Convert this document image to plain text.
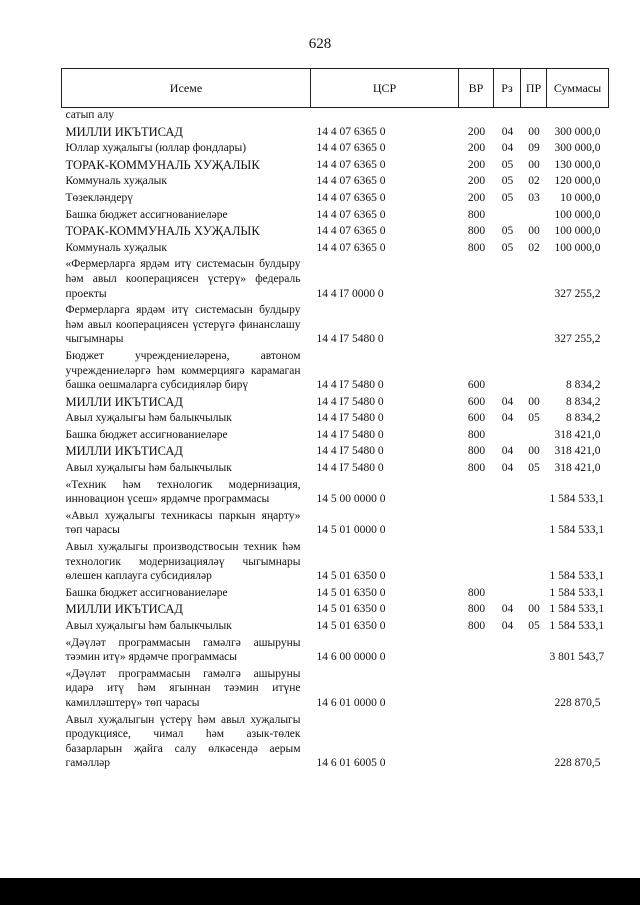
628
Исеме	ЦСР	ВР	Рз	ПР	Суммасы
сатып алу					
МИЛЛИ ИКЪТИСАД	14 4 07 6365 0	200	04	00	300 000,0
Юллар хуҗалыгы (юллар фондлары)	14 4 07 6365 0	200	04	09	300 000,0
ТОРАК-КОММУНАЛЬ ХУҖАЛЫК	14 4 07 6365 0	200	05	00	130 000,0
Коммуналь хуҗалык	14 4 07 6365 0	200	05	02	120 000,0
Төзекләндерү	14 4 07 6365 0	200	05	03	10 000,0
Башка бюджет ассигнованиеләре	14 4 07 6365 0	800			100 000,0
ТОРАК-КОММУНАЛЬ ХУҖАЛЫК	14 4 07 6365 0	800	05	00	100 000,0
Коммуналь хуҗалык	14 4 07 6365 0	800	05	02	100 000,0
«Фермерларга ярдәм итү системасын булдыру һәм авыл кооперациясен үстерү» федераль проекты	14 4 I7 0000 0				327 255,2
Фермерларга ярдәм итү системасын булдыру һәм авыл кооперациясен үстерүгә финанслашу чыгымнары	14 4 I7 5480 0				327 255,2
Бюджет учреждениеләренә, автоном учреждениеләргә һәм коммерциягә карамаган башка оешмаларга субсидияләр бирү	14 4 I7 5480 0	600			8 834,2
МИЛЛИ ИКЪТИСАД	14 4 I7 5480 0	600	04	00	8 834,2
Авыл хуҗалыгы һәм балыкчылык	14 4 I7 5480 0	600	04	05	8 834,2
Башка бюджет ассигнованиеләре	14 4 I7 5480 0	800			318 421,0
МИЛЛИ ИКЪТИСАД	14 4 I7 5480 0	800	04	00	318 421,0
Авыл хуҗалыгы һәм балыкчылык	14 4 I7 5480 0	800	04	05	318 421,0
«Техник һәм технологик модернизация, инновацион үсеш» ярдәмче программасы	14 5 00 0000 0				1 584 533,1
«Авыл хуҗалыгы техникасы паркын яңарту» төп чарасы	14 5 01 0000 0				1 584 533,1
Авыл хуҗалыгы производствосын техник һәм технологик модернизацияләү чыгымнары өлешен каплауга субсидияләр	14 5 01 6350 0				1 584 533,1
Башка бюджет ассигнованиеләре	14 5 01 6350 0	800			1 584 533,1
МИЛЛИ ИКЪТИСАД	14 5 01 6350 0	800	04	00	1 584 533,1
Авыл хуҗалыгы һәм балыкчылык	14 5 01 6350 0	800	04	05	1 584 533,1
«Дәүләт программасын гамәлгә ашыруны тәэмин итү» ярдәмче программасы	14 6 00 0000 0				3 801 543,7
«Дәүләт программасын гамәлгә ашыруны идарә итү һәм ягыннан тәэмин итүне камилләштерү» төп чарасы	14 6 01 0000 0				228 870,5
Авыл хуҗалыгын үстерү һәм авыл хуҗалыгы продукциясе, чимал һәм азык-төлек базарларын җайга салу өлкәсендә аерым гамәлләр	14 6 01 6005 0				228 870,5
